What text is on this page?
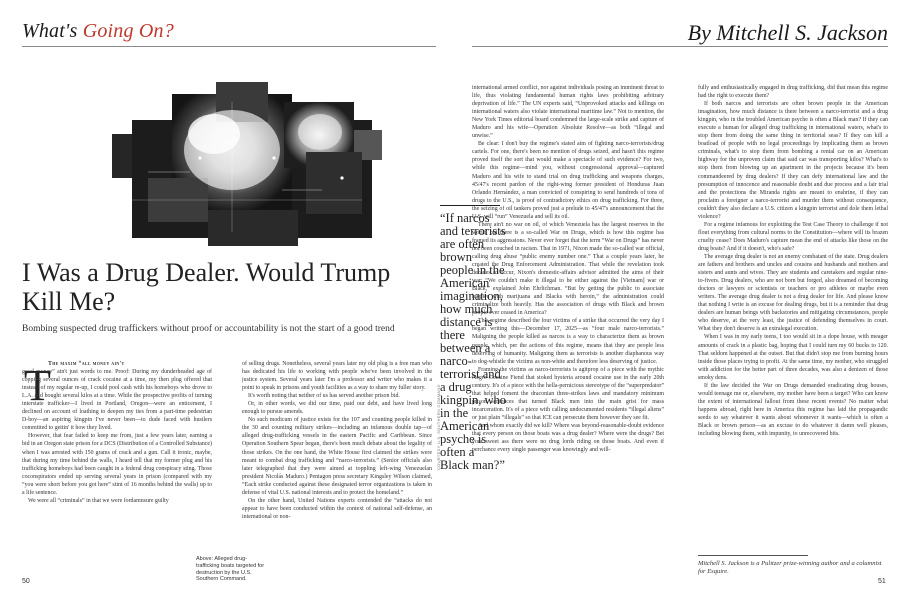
What's Going On?	By Mitchell S. Jackson
I Was a Drug Dealer. Would Trump Kill Me?
Bombing suspected drug traffickers without proof or accountability is not the start of a good trend
T
The maxim “all money ain't

good money” ain't just words to me. Proof: During my dunderheaded age of copping several ounces of crack cocaine at a time, my then plug offered that instead of my regular re-up, I could pool cash with his homeboys who drove to L.A. and bought several kilos at a time. While the prospective profits of turning interstate trafficker—I lived in Portland, Oregon—were an enticement, I declined on account of loathing to deepen my ties from a part-time pedestrian D-boy—an aspiring kingpin I've never been—to dude faced with hustlers committed to gettin' it how they lived.

However, that fear failed to keep me from, just a few years later, earning a bid in an Oregon state prison for a DCS (Distribution of a Controlled Substance) when I was arrested with 150 grams of crack and a gun. Call it ironic, maybe, that during my time behind the walls, I heard tell that my former plug and his trafficking homeboys had been caught in a federal drug conspiracy sting. Those coconspirators ended up serving several years in prison (compared with my “you were short before you got here” stint of 16 months behind the walls) up to a life sentence.

We were all “criminals” in that we were fordamnsure guilty

of selling drugs. Nonetheless, several years later my old plug is a free man who has dedicated his life to working with people who've been involved in the justice system. Several years later I'm a professor and writer who makes it a point to speak in prisons and youth facilities as a way to share my fuller story.

It's worth noting that neither of us has served another prison bid.

Or, in other words, we did our time, paid our debt, and have lived long enough to pursue amends.

No such modicum of justice exists for the 107 and counting people killed in the 30 and counting military strikes—including an infamous double tap—of alleged drug-trafficking vessels in the eastern Pacific and Caribbean. Since Operation Southern Spear began, there's been much debate about the legality of those strikes. On the one hand, the White House first claimed the strikes were meant to combat drug trafficking and “narco-terrorists.” (Senior officials also later telegraphed that they were aimed at toppling left-wing Venezuelan president Nicolás Maduro.) Pentagon press secretary Kingsley Wilson claimed, “Each strike conducted against these designated terror organizations is taken in defense of vital U.S. national interests and to protect the homeland.”

On the other hand, United Nations experts contended the “attacks do not appear to have been conducted within the context of national self-defense, an international or non-

Above: Alleged drug-trafficking boats targeted for destruction by the U.S. Southern Command.
COURTESY U.S. SOUTHERN COMMAND

international armed conflict, nor against individuals posing an imminent threat to life, thus violating fundamental human rights laws prohibiting arbitrary deprivation of life.” The UN experts said, “Unprovoked attacks and killings on international waters also violate international maritime law.” Not to mention, the New York Times editorial board condemned the large-scale strike and capture of Maduro and his wife—Operation Absolute Resolve—as both “illegal and unwise.”

Be clear: I don't buy the regime's stated aim of fighting narco-terrorists/drug cartels. For one, there's been no mention of drugs seized, and hasn't this regime proved itself the sort that would make a spectacle of such evidence? For two, while this regime—mind you, without congressional approval—captured Maduro and his wife to stand trial on drug trafficking and weapons charges, 45/47's recent pardon of the right-wing former president of Honduras Juan Orlando Hernández, a man convicted of conspiring to send hundreds of tons of drugs to the U.S., is proof of contradictory ethics on drug trafficking. For three, the seizing of oil tankers proved just a prelude to 45/47's announcement that the U.S. will “run” Venezuela and sell its oil.

There ain't no war on oil, of which Venezuela has the largest reserves in the world, but there is a so-called War on Drugs, which is how this regime has framed its aggressions. Never ever forget that the term “War on Drugs” has never not been couched in racism. That in 1971, Nixon made the so-called war official, calling drug abuse “public enemy number one.” That a couple years later, he created the Drug Enforcement Administration. That while the revelation took decades to occur, Nixon's domestic-affairs advisor admitted the aims of their war: “We couldn't make it illegal to be either against the [Vietnam] war or Black,” explained John Ehrlichman. “But by getting the public to associate hippies with marijuana and Blacks with heroin,” the administration could criminalize both heavily. Has the association of drugs with Black and brown people ever ceased in America?

This regime described the four victims of a strike that occurred the very day I began writing this—December 17, 2025—as “four male narco-terrorists.” Maligning the people killed as narcos is a way to characterize them as brown people, which, per the actions of this regime, means that they are people less deserving of humanity. Maligning them as terrorists is another diaphanous way to dog-whistle the victims as non-white and therefore less deserving of justice.

Framing the victims as narco-terrorists is agitprop of a piece with the mythic Negro Cocaine Fiend that stoked hysteria around cocaine use in the early 20th century. It's of a piece with the hella-pernicious stereotype of the “superpredator” that helped foment the draconian three-strikes laws and mandatory minimum prison sentences that turned Black men into the main grist for mass incarceration. It's of a piece with calling undocumented residents “illegal aliens” or just plain “illegals” so that ICE can persecute them however they see fit.

And whom exactly did we kill? Where was beyond-reasonable-doubt evidence that every person on those boats was a drug dealer? Where were the drugs? Bet your sweet ass there were no drug lords riding on those boats. And even if perchance every single passenger was knowingly and will-

“If narcos and terrorists are often brown people in the American imagination, how much distance is there between a narco-terrorist and a drug kingpin, who in the American psyche is often a Black man?”

fully and enthusiastically engaged in drug trafficking, did that mean this regime had the right to execute them?

If both narcos and terrorists are often brown people in the American imagination, how much distance is there between a narco-terrorist and a drug kingpin, who in the troubled American psyche is often a Black man? If they can execute a human for alleged drug trafficking in international waters, what's to stop them from doing the same thing in territorial seas? If they can kill a boatload of people with no legal proceedings by implicating them as brown criminals, what's to stop them from bombing a rental car on an American highway for the unproven claim that said car was transporting kilos? What's to stop them from blowing up an apartment in the projects because it's been commandeered by drug dealers? If they can defy international law and the presumption of innocence and reasonable doubt and due process and a fair trial and the protections the Miranda rights are meant to enshrine, if they can proclaim a foreigner a narco-terrorist and murder them without consequence, couldn't they also declare a U.S. citizen a kingpin terrorist and dole them lethal violence?

For a regime infamous for exploiting the Test Case Theory to challenge if not flout everything from cultural norms to the Constitution—where will its brazen cruelty cease? Does Maduro's capture mean the end of attacks like those on the drug boats? And if it doesn't, who's safe?

The average drug dealer is not an enemy combatant of the state. Drug dealers are fathers and brothers and uncles and cousins and husbands and mothers and sisters and aunts and wives. They are students and caretakers and regular nine-to-fivers. Drug dealers, who are not born but forged, also dreamed of becoming doctors or lawyers or scientists or teachers or pro athletes or maybe even writers. The average drug dealer is not a drug dealer for life. And please know that nothing I write is an excuse for dealing drugs, but it is a reminder that drug dealers are human beings with backstories and mitigating circumstances, people who deserve, at the very least, the justice of defending themselves in court. What they don't deserve is an extralegal execution.

When I was in my early teens, I too would sit in a dope house, with meager amounts of crack in a plastic bag, hoping that I could turn my 60 bucks to 120. That seldom happened at the outset. But that didn't stop me from burning hours inside those places trying to profit. At the same time, my mother, who struggled with addiction for the better part of three decades, was also a denizen of those smoky dens.

If the law decided the War on Drugs demanded eradicating drug houses, would teenage me or, elsewhere, my mother have been a target? Who can know the extent of international fallout from these recent events? No matter what happens abroad, right here in America this regime has laid the propagandic seeds to say whatever it wants about whomever it wants—which is often a Black or brown person—as an excuse to do whatever it damn well pleases, including blowing them, with impunity, to unrecovered bits.

Mitchell S. Jackson is a Pulitzer prize-winning author and a columnist for Esquire.
50	51
